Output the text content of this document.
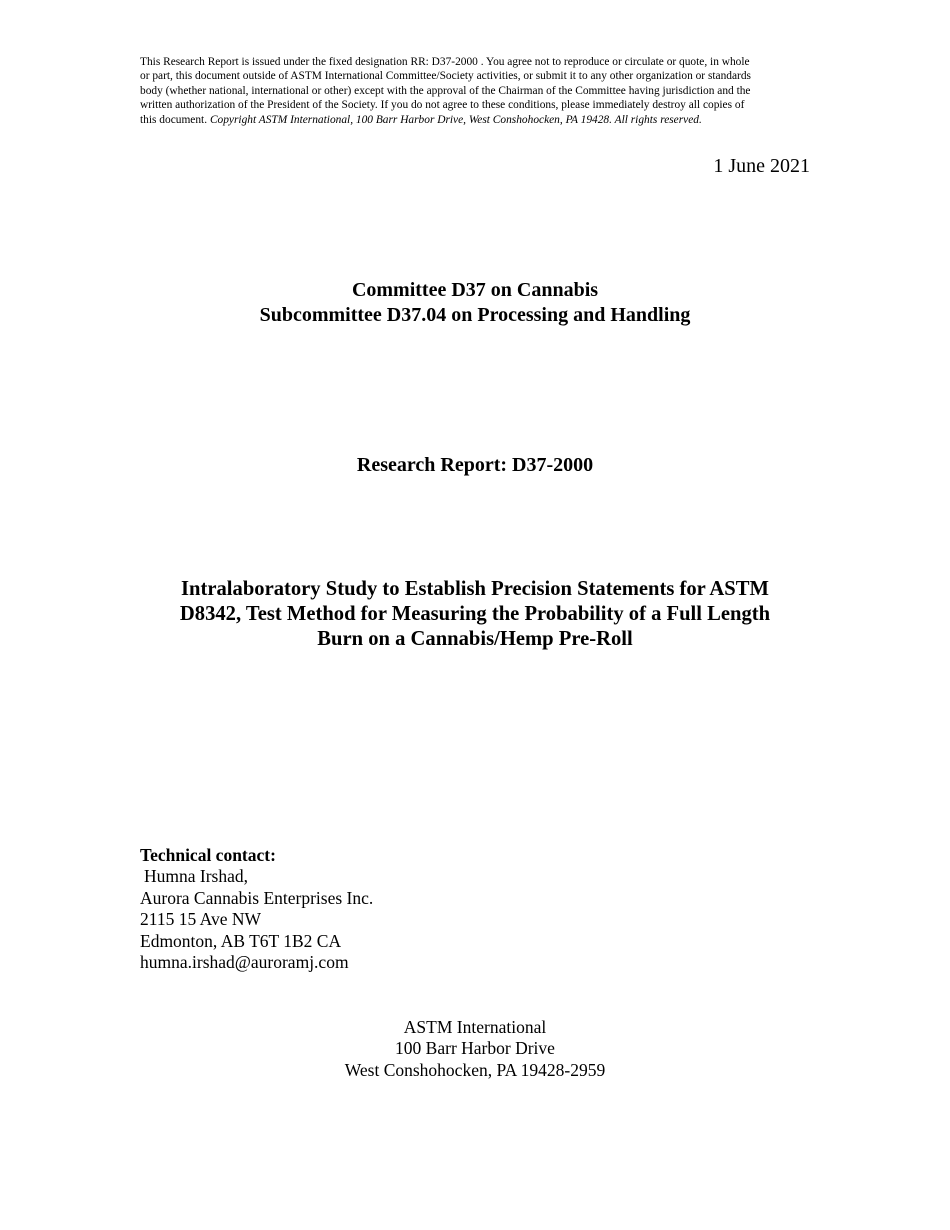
This Research Report is issued under the fixed designation RR: D37-2000 . You agree not to reproduce or circulate or quote, in whole
or part, this document outside of ASTM International Committee/Society activities, or submit it to any other organization or standards
body (whether national, international or other) except with the approval of the Chairman of the Committee having jurisdiction and the
written authorization of the President of the Society. If you do not agree to these conditions, please immediately destroy all copies of
this document. Copyright ASTM International, 100 Barr Harbor Drive, West Conshohocken, PA 19428. All rights reserved.
1 June 2021
Committee D37 on Cannabis
Subcommittee D37.04 on Processing and Handling
Research Report: D37-2000
Intralaboratory Study to Establish Precision Statements for ASTM
D8342, Test Method for Measuring the Probability of a Full Length
Burn on a Cannabis/Hemp Pre-Roll
Technical contact:
Humna Irshad,
Aurora Cannabis Enterprises Inc.
2115 15 Ave NW
Edmonton, AB T6T 1B2 CA
humna.irshad@auroramj.com
ASTM International
100 Barr Harbor Drive
West Conshohocken, PA 19428-2959
